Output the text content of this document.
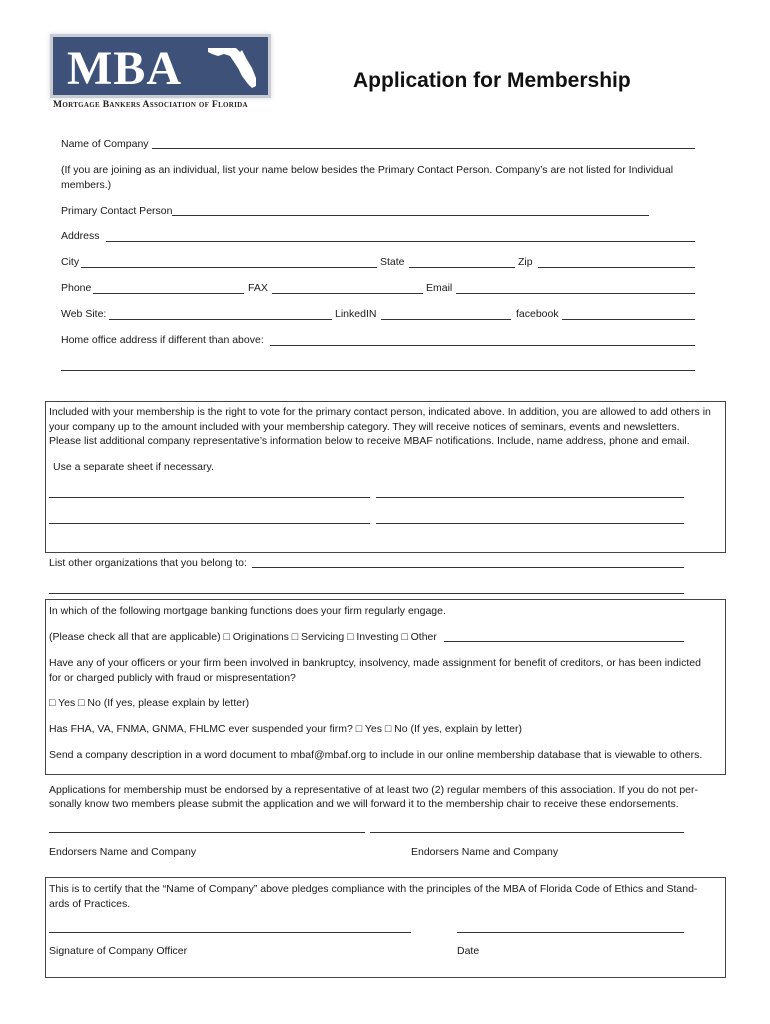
MBA
Mortgage Bankers Association of Florida
Application for Membership
Name of Company
(If you are joining as an individual, list your name below besides the Primary Contact Person. Company’s are not listed for Individual
members.)
Primary Contact Person
Address
City	State	Zip
Phone	FAX	Email
Web Site:	LinkedIN	facebook
Home office address if different than above:
Included with your membership is the right to vote for the primary contact person, indicated above. In addition, you are allowed to add others in
your company up to the amount included with your membership category. They will receive notices of seminars, events and newsletters.
Please list additional company representative’s information below to receive MBAF notifications. Include, name address, phone and email.
Use a separate sheet if necessary.
List other organizations that you belong to:
In which of the following mortgage banking functions does your firm regularly engage.
(Please check all that are applicable) □ Originations □ Servicing □ Investing □ Other
Have any of your officers or your firm been involved in bankruptcy, insolvency, made assignment for benefit of creditors, or has been indicted
for or charged publicly with fraud or mispresentation?
□ Yes □ No (If yes, please explain by letter)
Has FHA, VA, FNMA, GNMA, FHLMC ever suspended your firm? □ Yes □ No (If yes, explain by letter)
Send a company description in a word document to mbaf@mbaf.org to include in our online membership database that is viewable to others.
Applications for membership must be endorsed by a representative of at least two (2) regular members of this association. If you do not per-
sonally know two members please submit the application and we will forward it to the membership chair to receive these endorsements.
Endorsers Name and Company	Endorsers Name and Company
This is to certify that the “Name of Company” above pledges compliance with the principles of the MBA of Florida Code of Ethics and Stand-
ards of Practices.
Signature of Company Officer	Date
